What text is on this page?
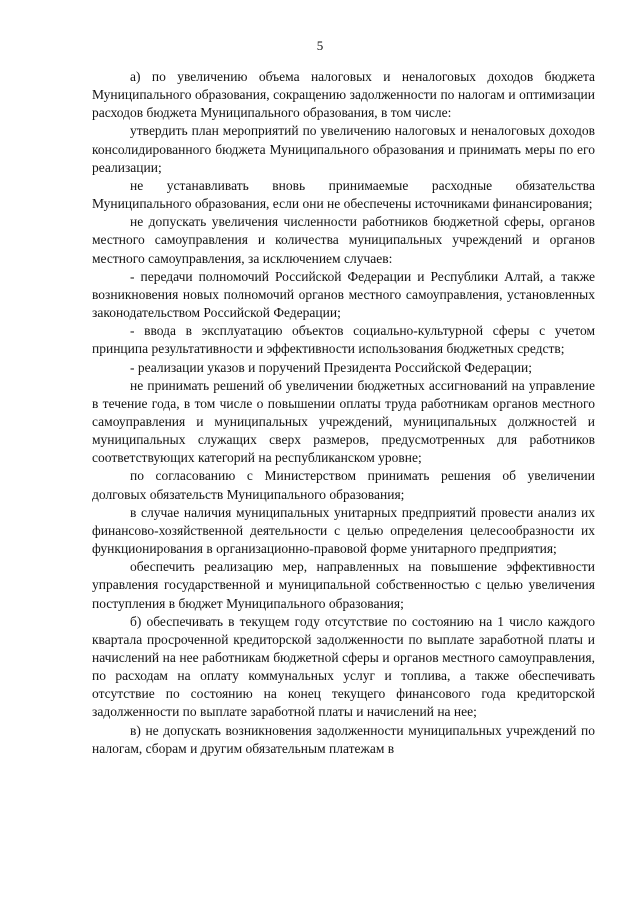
5

а) по увеличению объема налоговых и неналоговых доходов бюджета Муниципального образования, сокращению задолженности по налогам и оптимизации расходов бюджета Муниципального образования, в том числе:

утвердить план мероприятий по увеличению налоговых и неналоговых доходов консолидированного бюджета Муниципального образования и принимать меры по его реализации;

не устанавливать вновь принимаемые расходные обязательства Муниципального образования, если они не обеспечены источниками финансирования;

не допускать увеличения численности работников бюджетной сферы, органов местного самоуправления и количества муниципальных учреждений и органов местного самоуправления, за исключением случаев:

- передачи полномочий Российской Федерации и Республики Алтай, а также возникновения новых полномочий органов местного самоуправления, установленных законодательством Российской Федерации;

- ввода в эксплуатацию объектов социально-культурной сферы с учетом принципа результативности и эффективности использования бюджетных средств;

- реализации указов и поручений Президента Российской Федерации;

не принимать решений об увеличении бюджетных ассигнований на управление в течение года, в том числе о повышении оплаты труда работникам органов местного самоуправления и муниципальных учреждений, муниципальных должностей и муниципальных служащих сверх размеров, предусмотренных для работников соответствующих категорий на республиканском уровне;

по согласованию с Министерством принимать решения об увеличении долговых обязательств Муниципального образования;

в случае наличия муниципальных унитарных предприятий провести анализ их финансово-хозяйственной деятельности с целью определения целесообразности их функционирования в организационно-правовой форме унитарного предприятия;

обеспечить реализацию мер, направленных на повышение эффективности управления государственной и муниципальной собственностью с целью увеличения поступления в бюджет Муниципального образования;

б) обеспечивать в текущем году отсутствие по состоянию на 1 число каждого квартала просроченной кредиторской задолженности по выплате заработной платы и начислений на нее работникам бюджетной сферы и органов местного самоуправления, по расходам на оплату коммунальных услуг и топлива, а также обеспечивать отсутствие по состоянию на конец текущего финансового года кредиторской задолженности по выплате заработной платы и начислений на нее;

в) не допускать возникновения задолженности муниципальных учреждений по налогам, сборам и другим обязательным платежам в
